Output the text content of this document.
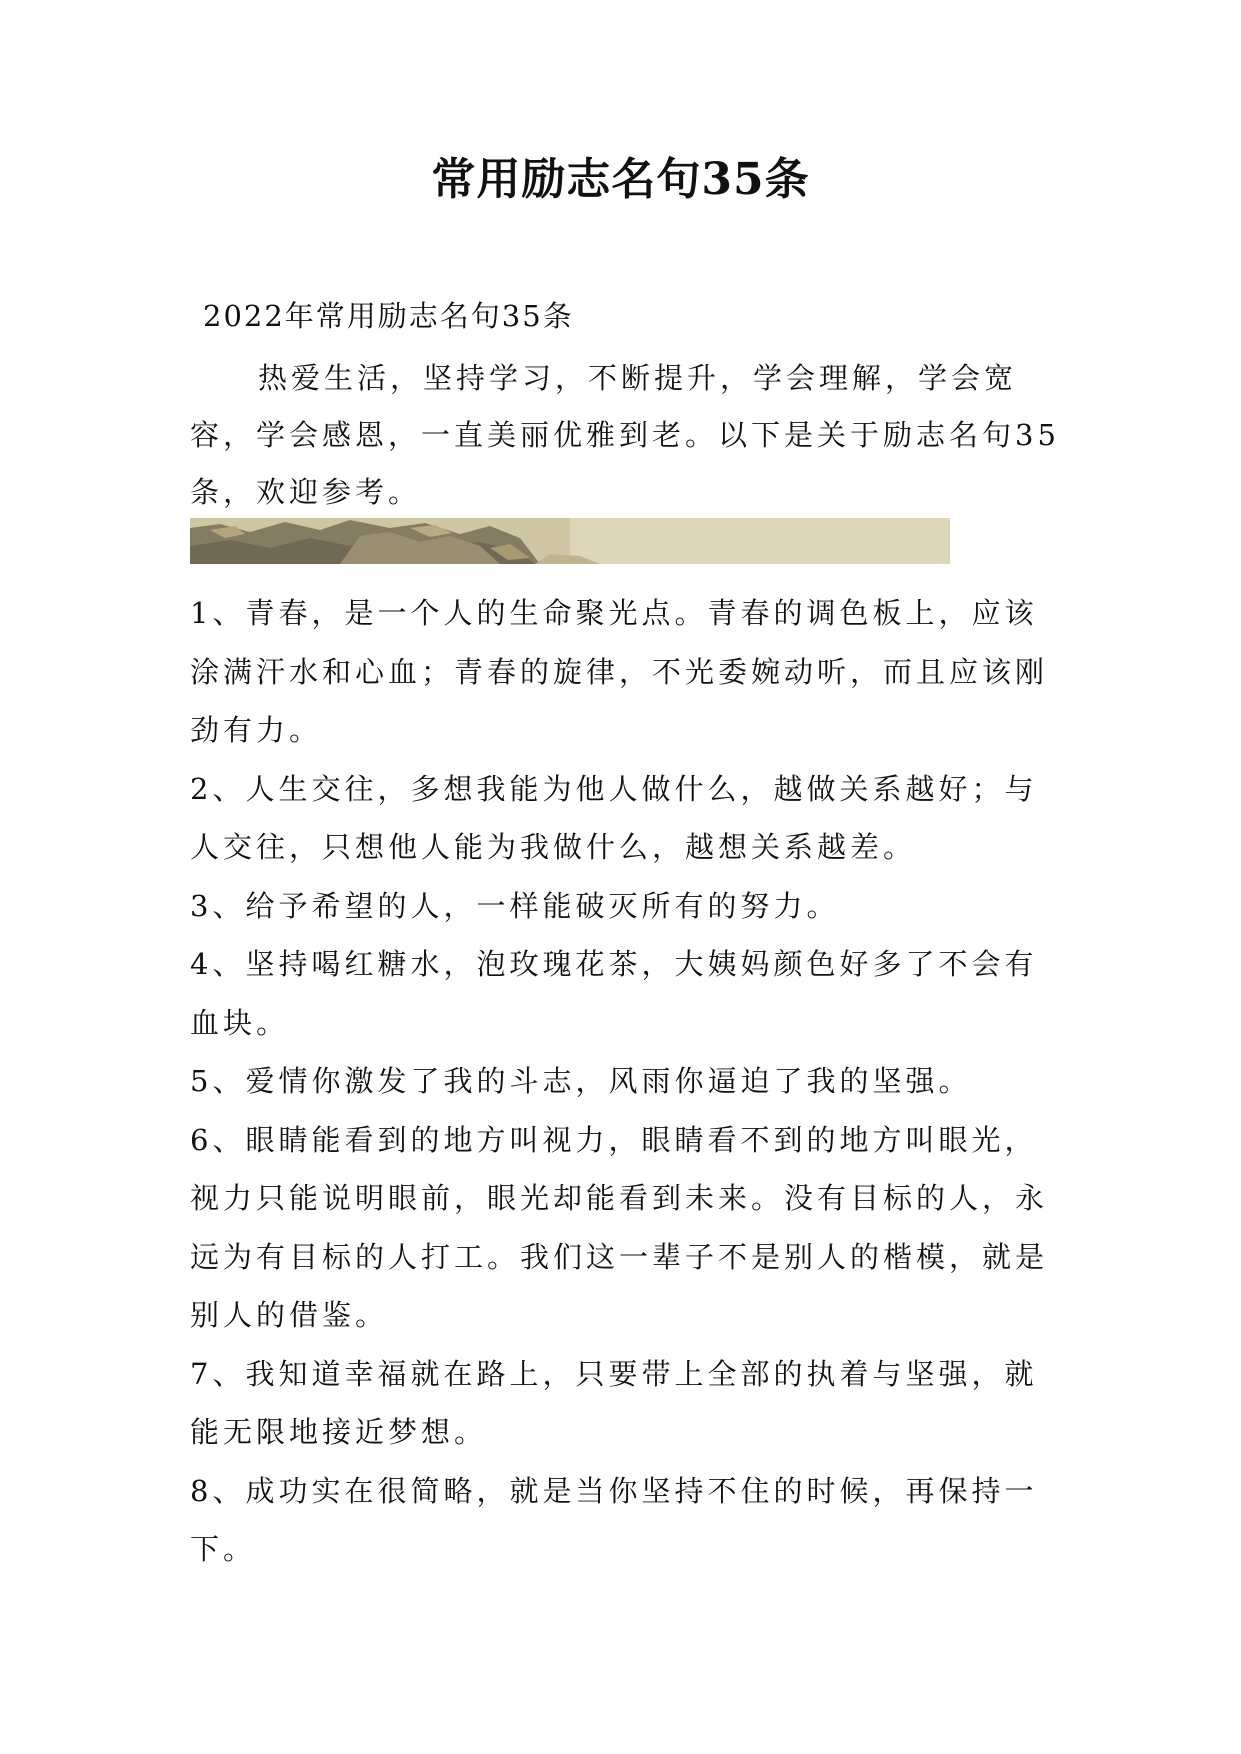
常用励志名句35条

2022年常用励志名句35条

热爱生活，坚持学习，不断提升，学会理解，学会宽容，学会感恩，一直美丽优雅到老。以下是关于励志名句35条，欢迎参考。

1、青春，是一个人的生命聚光点。青春的调色板上，应该涂满汗水和心血；青春的旋律，不光委婉动听，而且应该刚劲有力。
2、人生交往，多想我能为他人做什么，越做关系越好；与人交往，只想他人能为我做什么，越想关系越差。
3、给予希望的人，一样能破灭所有的努力。
4、坚持喝红糖水，泡玫瑰花茶，大姨妈颜色好多了不会有血块。
5、爱情你激发了我的斗志，风雨你逼迫了我的坚强。
6、眼睛能看到的地方叫视力，眼睛看不到的地方叫眼光，视力只能说明眼前，眼光却能看到未来。没有目标的人，永远为有目标的人打工。我们这一辈子不是别人的楷模，就是别人的借鉴。
7、我知道幸福就在路上，只要带上全部的执着与坚强，就能无限地接近梦想。
8、成功实在很简略，就是当你坚持不住的时候，再保持一下。
